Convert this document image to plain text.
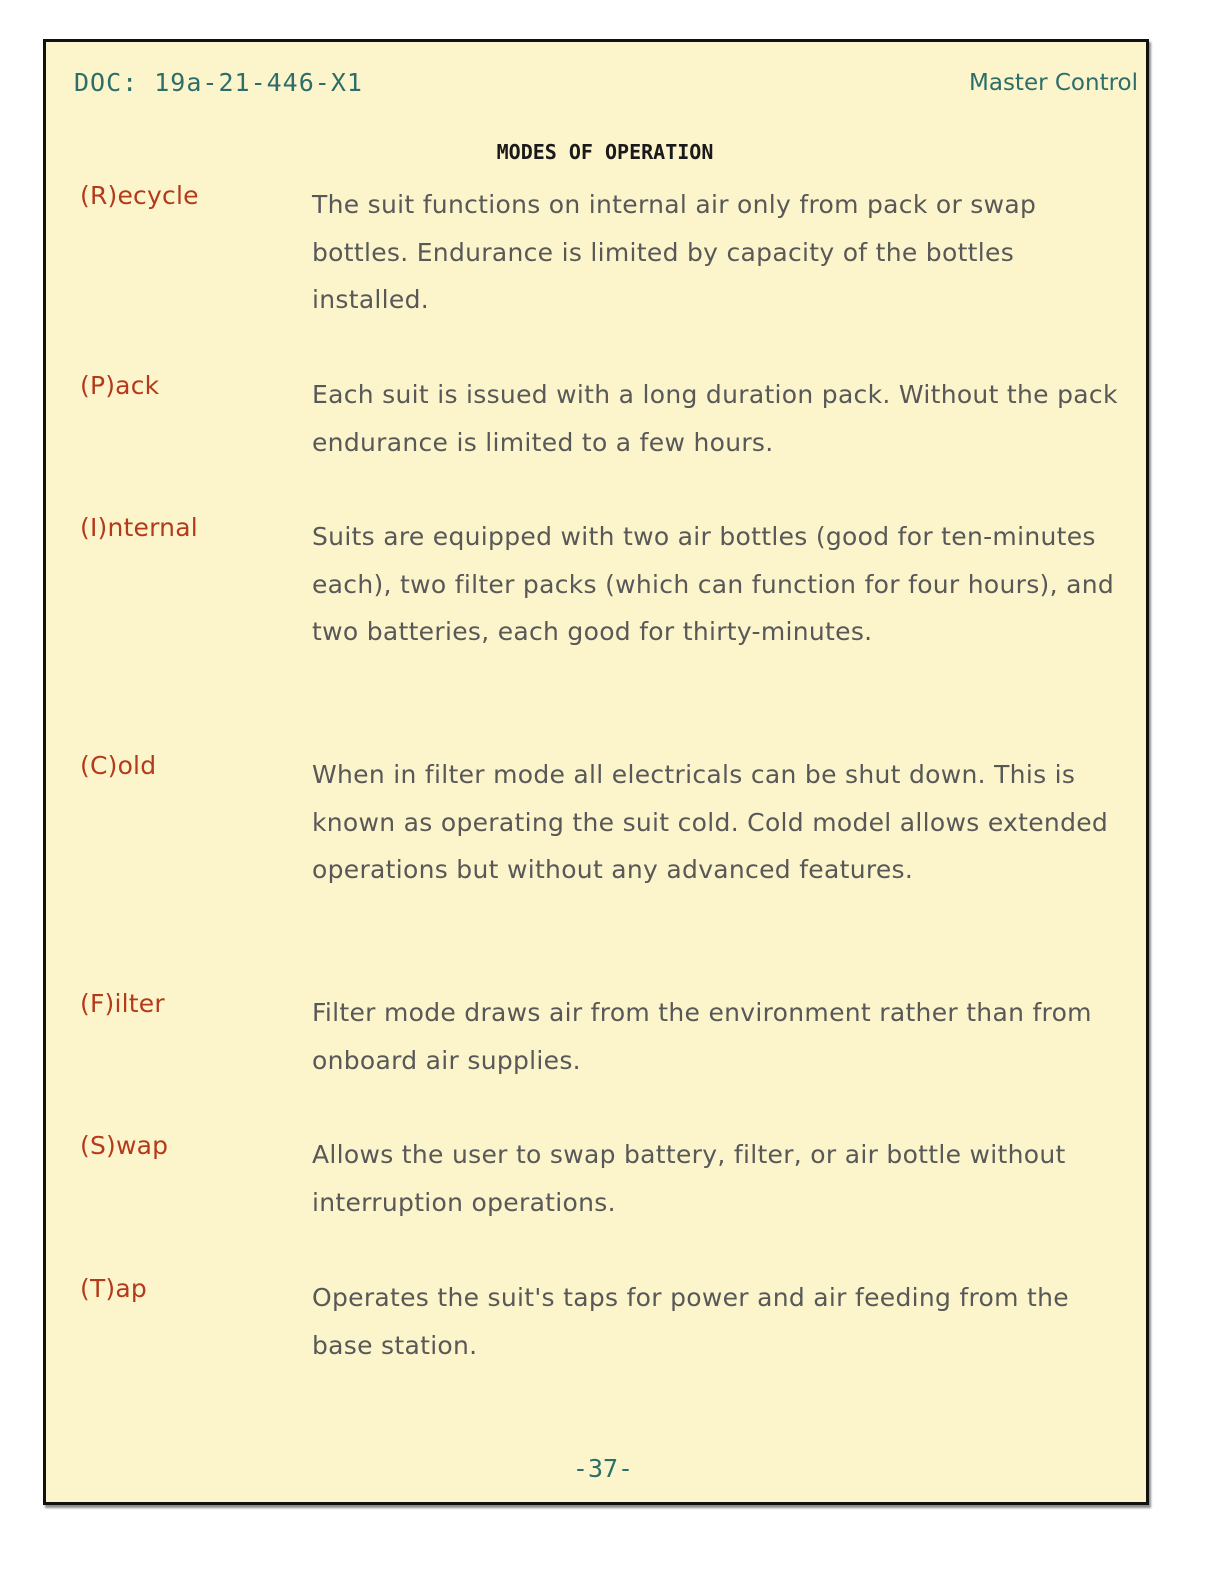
DOC: 19a-21-446-X1	Master Control
MODES OF OPERATION
(R)ecycle	The suit functions on internal air only from pack or swap bottles. Endurance is limited by capacity of the bottles installed.

(P)ack	Each suit is issued with a long duration pack. Without the pack endurance is limited to a few hours.

(I)nternal	Suits are equipped with two air bottles (good for ten-minutes each), two filter packs (which can function for four hours), and two batteries, each good for thirty-minutes.

(C)old	When in filter mode all electricals can be shut down. This is known as operating the suit cold. Cold model allows extended operations but without any advanced features.

(F)ilter	Filter mode draws air from the environment rather than from onboard air supplies.

(S)wap	Allows the user to swap battery, filter, or air bottle without interruption operations.

(T)ap	Operates the suit's taps for power and air feeding from the base station.

-37-
